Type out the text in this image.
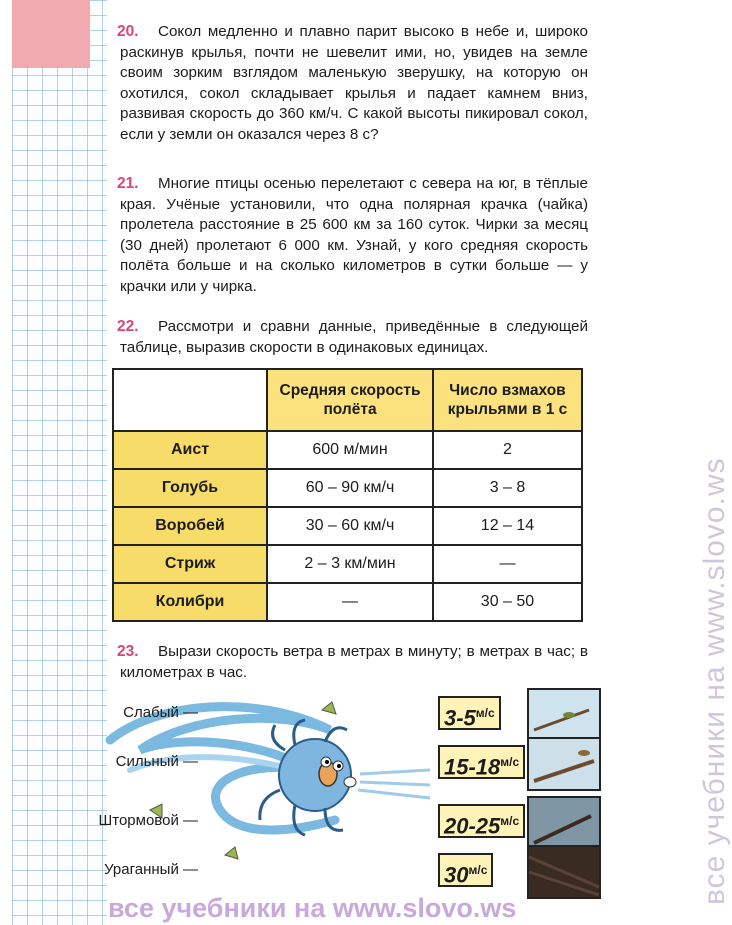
20.	Сокол медленно и плавно парит высоко в небе и, широко раскинув крылья, почти не шевелит ими, но, увидев на земле своим зорким взглядом маленькую зверушку, на которую он охотился, сокол складывает крылья и падает камнем вниз, развивая скорость до 360 км/ч. С какой высоты пикировал сокол, если у земли он оказался через 8 с?

21.	Многие птицы осенью перелетают с севера на юг, в тёплые края. Учёные установили, что одна полярная крачка (чайка) пролетела расстояние в 25 600 км за 160 суток. Чирки за месяц (30 дней) пролетают 6 000 км. Узнай, у кого средняя скорость полёта больше и на сколько километров в сутки больше — у крачки или у чирка.

22.	Рассмотри и сравни данные, приведённые в следующей таблице, выразив скорости в одинаковых единицах.

	Средняя скорость полёта	Число взмахов крыльями в 1 с
Аист	600 м/мин	2
Голубь	60 – 90 км/ч	3 – 8
Воробей	30 – 60 км/ч	12 – 14
Стриж	2 – 3 км/мин	—
Колибри	—	30 – 50
23.	Вырази скорость ветра в метрах в минуту; в метрах в час; в километрах в час.

Слабый —	$3-5^{м/с}$
Сильный —	$15-18^{м/с}$
Штормовой —	$20-25^{м/с}$
Ураганный —	$30^{м/с}$	все учебники на www.slovo.ws
все учебники на www.slovo.ws
